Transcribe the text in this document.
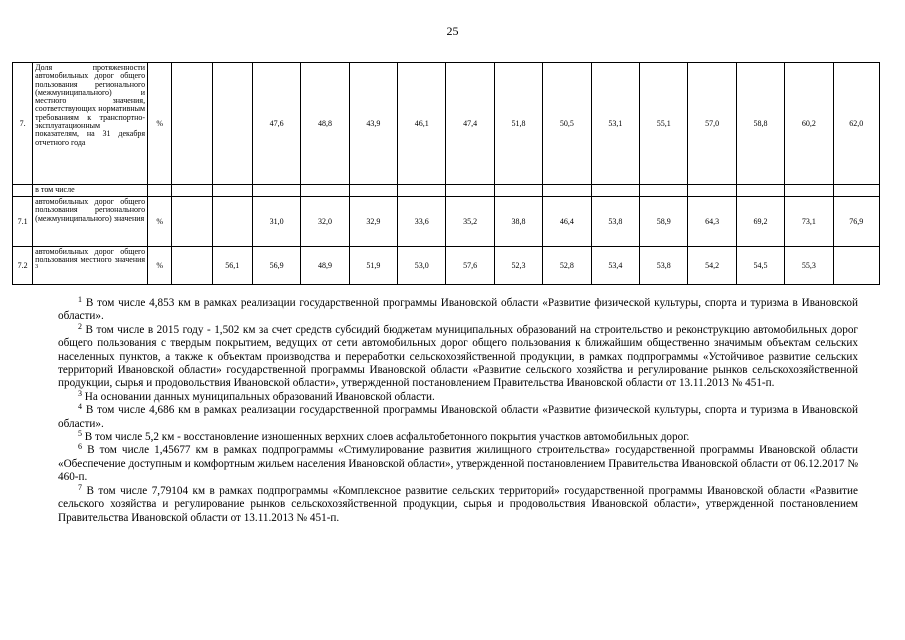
25
7.	Доля протяженности автомобильных дорог общего пользования регионального (межмуниципального) и местного значения, соответствующих нормативным требованиям к транспортно-эксплуатационным показателям, на 31 декабря отчетного года	%			47,6	48,8	43,9	46,1	47,4	51,8	50,5	53,1	55,1	57,0	58,8	60,2	62,0
	в том числе																
7.1	автомобильных дорог общего пользования регионального (межмуниципального) значения	%			31,0	32,0	32,9	33,6	35,2	38,8	46,4	53,8	58,9	64,3	69,2	73,1	76,9
7.2	автомобильных дорог общего пользования местного значения $^3$	%		56,1	56,9	48,9	51,9	53,0	57,6	52,3	52,8	53,4	53,8	54,2	54,5	55,3	

$^1$ В том числе 4,853 км в рамках реализации государственной программы Ивановской области «Развитие физической культуры, спорта и туризма в Ивановской области».

$^2$ В том числе в 2015 году - 1,502 км за счет средств субсидий бюджетам муниципальных образований на строительство и реконструкцию автомобильных дорог общего пользования с твердым покрытием, ведущих от сети автомобильных дорог общего пользования к ближайшим общественно значимым объектам сельских населенных пунктов, а также к объектам производства и переработки сельскохозяйственной продукции, в рамках подпрограммы «Устойчивое развитие сельских территорий Ивановской области» государственной программы Ивановской области «Развитие сельского хозяйства и регулирование рынков сельскохозяйственной продукции, сырья и продовольствия Ивановской области», утвержденной постановлением Правительства Ивановской области от 13.11.2013 № 451-п.

$^3$ На основании данных муниципальных образований Ивановской области.

$^4$ В том числе 4,686 км в рамках реализации государственной программы Ивановской области «Развитие физической культуры, спорта и туризма в Ивановской области».

$^5$ В том числе 5,2 км - восстановление изношенных верхних слоев асфальтобетонного покрытия участков автомобильных дорог.

$^6$ В том числе 1,45677 км в рамках подпрограммы «Стимулирование развития жилищного строительства» государственной программы Ивановской области «Обеспечение доступным и комфортным жильем населения Ивановской области», утвержденной постановлением Правительства Ивановской области от 06.12.2017 № 460-п.

$^7$ В том числе 7,79104 км в рамках подпрограммы «Комплексное развитие сельских территорий» государственной программы Ивановской области «Развитие сельского хозяйства и регулирование рынков сельскохозяйственной продукции, сырья и продовольствия Ивановской области», утвержденной постановлением Правительства Ивановской области от 13.11.2013 № 451-п.
